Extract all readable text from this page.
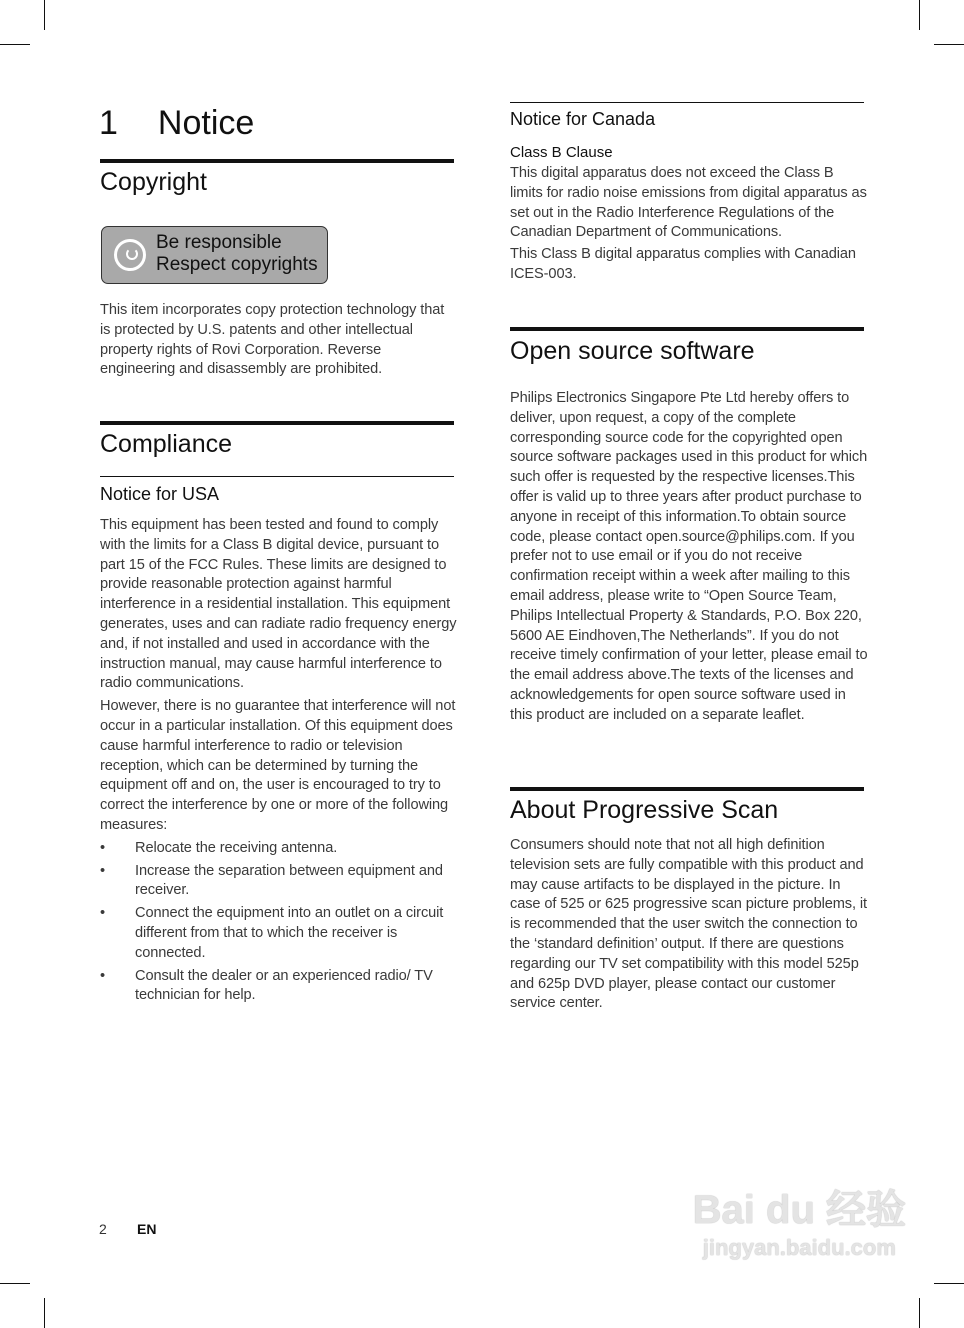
1 Notice
Copyright
Be responsible
Respect copyrights

This item incorporates copy protection technology that is protected by U.S. patents and other intellectual property rights of Rovi Corporation. Reverse engineering and disassembly are prohibited.

Compliance
Notice for USA

This equipment has been tested and found to comply with the limits for a Class B digital device, pursuant to part 15 of the FCC Rules. These limits are designed to provide reasonable protection against harmful interference in a residential installation. This equipment generates, uses and can radiate radio frequency energy and, if not installed and used in accordance with the instruction manual, may cause harmful interference to radio communications.

However, there is no guarantee that interference will not occur in a particular installation. Of this equipment does cause harmful interference to radio or television reception, which can be determined by turning the equipment off and on, the user is encouraged to try to correct the interference by one or more of the following measures:

• Relocate the receiving antenna.
• Increase the separation between equipment and receiver.
• Connect the equipment into an outlet on a circuit different from that to which the receiver is connected.
• Consult the dealer or an experienced radio/ TV technician for help.
Notice for Canada
Class B Clause

This digital apparatus does not exceed the Class B limits for radio noise emissions from digital apparatus as set out in the Radio Interference Regulations of the Canadian Department of Communications.

This Class B digital apparatus complies with Canadian ICES-003.

Open source software

Philips Electronics Singapore Pte Ltd hereby offers to deliver, upon request, a copy of the complete corresponding source code for the copyrighted open source software packages used in this product for which such offer is requested by the respective licenses.This offer is valid up to three years after product purchase to anyone in receipt of this information.To obtain source code, please contact open.source@philips.com. If you prefer not to use email or if you do not receive confirmation receipt within a week after mailing to this email address, please write to “Open Source Team, Philips Intellectual Property & Standards, P.O. Box 220, 5600 AE Eindhoven,The Netherlands”. If you do not receive timely confirmation of your letter, please email to the email address above.The texts of the licenses and acknowledgements for open source software used in this product are included on a separate leaflet.

About Progressive Scan

Consumers should note that not all high definition television sets are fully compatible with this product and may cause artifacts to be displayed in the picture. In case of 525 or 625 progressive scan picture problems, it is recommended that the user switch the connection to the ‘standard definition’ output. If there are questions regarding our TV set compatibility with this model 525p and 625p DVD player, please contact our customer service center.

2 EN	Bai du 经验
jingyan.baidu.com
